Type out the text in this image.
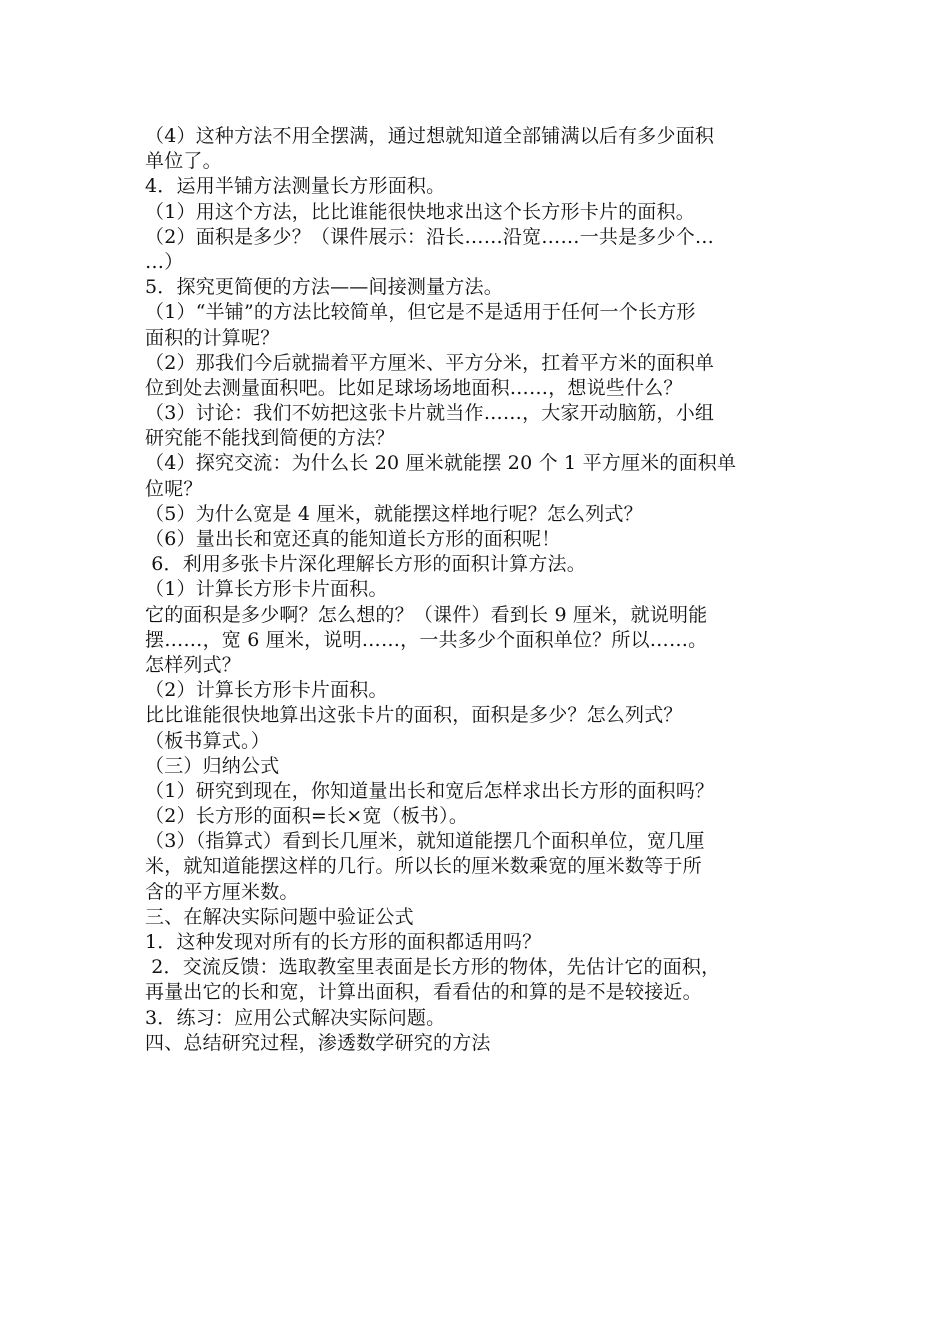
（4）这种方法不用全摆满，通过想就知道全部铺满以后有多少面积
单位了。
4．运用半铺方法测量长方形面积。
（1）用这个方法，比比谁能很快地求出这个长方形卡片的面积。
（2）面积是多少？（课件展示：沿长……沿宽……一共是多少个…
…）
5．探究更简便的方法——间接测量方法。
（1）“半铺”的方法比较简单，但它是不是适用于任何一个长方形
面积的计算呢？
（2）那我们今后就揣着平方厘米、平方分米，扛着平方米的面积单
位到处去测量面积吧。比如足球场场地面积……，想说些什么？
（3）讨论：我们不妨把这张卡片就当作……，大家开动脑筋，小组
研究能不能找到简便的方法？
（4）探究交流：为什么长 20 厘米就能摆 20 个 1 平方厘米的面积单
位呢？
（5）为什么宽是 4 厘米，就能摆这样地行呢？怎么列式？
（6）量出长和宽还真的能知道长方形的面积呢！
6．利用多张卡片深化理解长方形的面积计算方法。
（1）计算长方形卡片面积。
它的面积是多少啊？怎么想的？（课件）看到长 9 厘米，就说明能
摆……，宽 6 厘米，说明……，一共多少个面积单位？所以……。
怎样列式？
（2）计算长方形卡片面积。
比比谁能很快地算出这张卡片的面积，面积是多少？怎么列式？
（板书算式。）
（三）归纳公式
（1）研究到现在，你知道量出长和宽后怎样求出长方形的面积吗？
（2）长方形的面积=长×宽（板书）。
（3）（指算式）看到长几厘米，就知道能摆几个面积单位，宽几厘
米，就知道能摆这样的几行。所以长的厘米数乘宽的厘米数等于所
含的平方厘米数。
三、在解决实际问题中验证公式
1．这种发现对所有的长方形的面积都适用吗？
2．交流反馈：选取教室里表面是长方形的物体，先估计它的面积，
再量出它的长和宽，计算出面积，看看估的和算的是不是较接近。
3．练习：应用公式解决实际问题。
四、总结研究过程，渗透数学研究的方法
